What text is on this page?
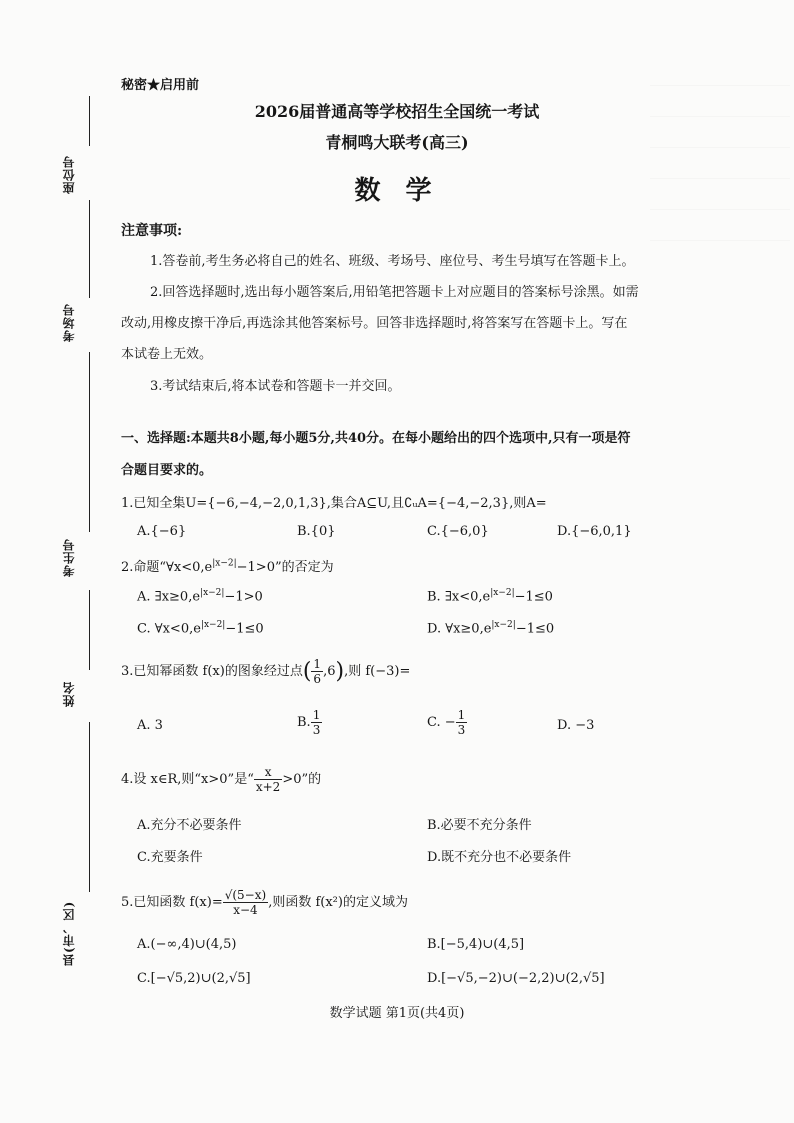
座位号
考场号
考生号
姓名
县(市、区)
秘密★启用前
2026届普通高等学校招生全国统一考试
青桐鸣大联考(高三)
数 学
注意事项:
1.答卷前,考生务必将自己的姓名、班级、考场号、座位号、考生号填写在答题卡上。
2.回答选择题时,选出每小题答案后,用铅笔把答题卡上对应题目的答案标号涂黑。如需
改动,用橡皮擦干净后,再选涂其他答案标号。回答非选择题时,将答案写在答题卡上。写在
本试卷上无效。
3.考试结束后,将本试卷和答题卡一并交回。
一、选择题:本题共8小题,每小题5分,共40分。在每小题给出的四个选项中,只有一项是符
合题目要求的。
1.已知全集U={−6,−4,−2,0,1,3},集合A⊆U,且∁ᵤA={−4,−2,3},则A=
A.{−6}	B.{0}	C.{−6,0}	D.{−6,0,1}
2.命题“$\forall x<0,e^{|x-2|}-1>0$”的否定为
A. $\exists x\ge 0,e^{|x-2|}-1>0$	B. $\exists x<0,e^{|x-2|}-1\le 0$
C. $\forall x<0,e^{|x-2|}-1\le 0$	D. $\forall x\ge 0,e^{|x-2|}-1\le 0$
3.已知幂函数 f(x)的图象经过点( $\frac{1}{6} ,6$),则 f(−3)=
A. 3	B. $\frac{1}{3}$	C. − $\frac{1}{3}$	D. −3
4.设 x∈R,则“x>0”是“ $\frac{x}{x+2} >0$”的
A.充分不必要条件	B.必要不充分条件
C.充要条件	D.既不充分也不必要条件
5.已知函数 $f(x)= \frac{√(5-x)}{x-4}$ ,则函数 f(x²)的定义域为
A.(−∞,4)∪(4,5)	B.[−5,4)∪(4,5]
C.[−√5,2)∪(2,√5]	D.[−√5,−2)∪(−2,2)∪(2,√5]
数学试题 第1页(共4页)
